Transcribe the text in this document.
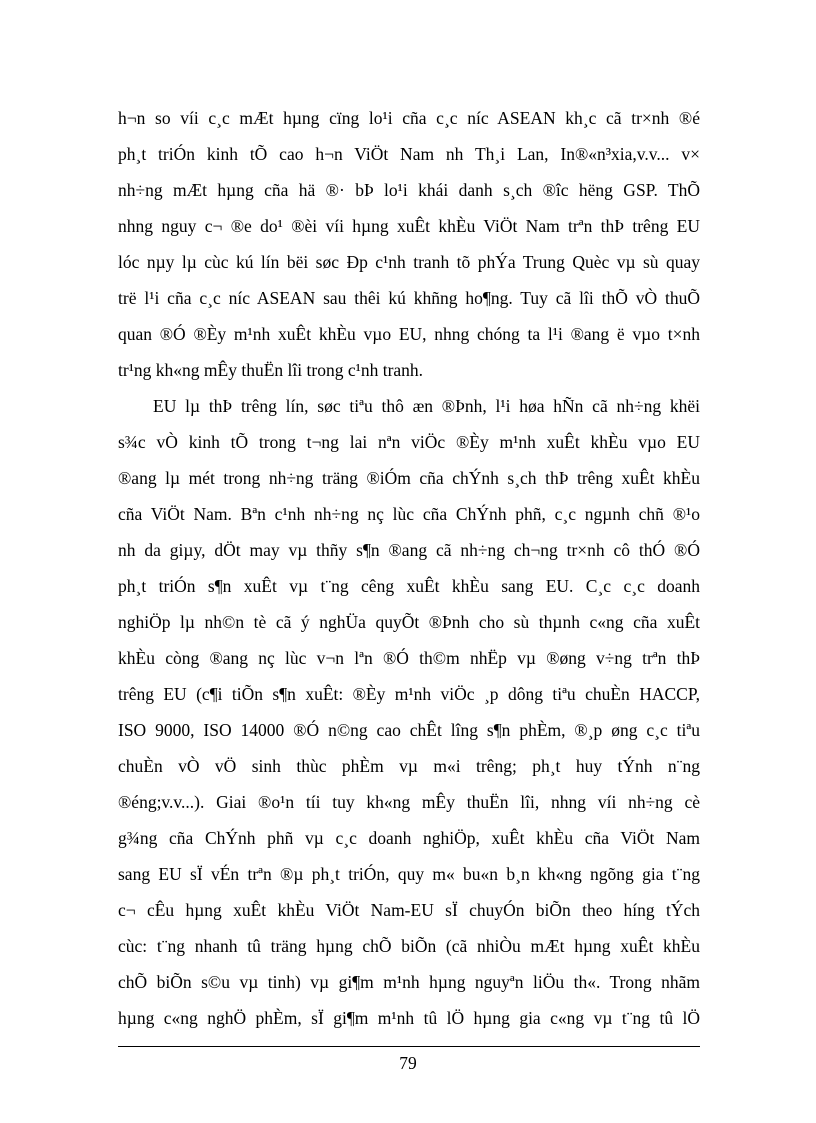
h¬n so víi c¸c mÆt hµng cïng lo¹i cña c¸c níc ASEAN kh¸c cã tr×nh ®é
ph¸t triÓn kinh tÕ cao h¬n ViÖt Nam nh Th¸i Lan, In®«n³xia,v.v... v×
nh÷ng mÆt hµng cña hä ®· bÞ lo¹i khái danh s¸ch ®îc hëng GSP. ThÕ
nhng nguy c¬ ®e do¹ ®èi víi hµng xuÊt khÈu ViÖt Nam trªn thÞ trêng EU
lóc nµy lµ cùc kú lín bëi søc Ðp c¹nh tranh tõ phÝa Trung Quèc vµ sù quay
trë l¹i cña c¸c níc ASEAN sau thêi kú khñng ho¶ng. Tuy cã lîi thÕ vÒ thuÕ
quan ®Ó ®Èy m¹nh xuÊt khÈu vµo EU, nhng chóng ta l¹i ®ang ë vµo t×nh
tr¹ng kh«ng mÊy thuËn lîi trong c¹nh tranh.
EU lµ thÞ trêng lín, søc tiªu thô æn ®Þnh, l¹i høa hÑn cã nh÷ng khëi
s¾c vÒ kinh tÕ trong t¬ng lai nªn viÖc ®Èy m¹nh xuÊt khÈu vµo EU
®ang lµ mét trong nh÷ng träng ®iÓm cña chÝnh s¸ch thÞ trêng xuÊt khÈu
cña ViÖt Nam. Bªn c¹nh nh÷ng nç lùc cña ChÝnh phñ, c¸c ngµnh chñ ®¹o
nh da giµy, dÖt may vµ thñy s¶n ®ang cã nh÷ng ch¬ng tr×nh cô thÓ ®Ó
ph¸t triÓn s¶n xuÊt vµ t¨ng cêng xuÊt khÈu sang EU. C¸c c¸c doanh
nghiÖp lµ nh©n tè cã ý nghÜa quyÕt ®Þnh cho sù thµnh c«ng cña xuÊt
khÈu còng ®ang nç lùc v¬n lªn ®Ó th©m nhËp vµ ®øng v÷ng trªn thÞ
trêng EU (c¶i tiÕn s¶n xuÊt: ®Èy m¹nh viÖc ¸p dông tiªu chuÈn HACCP,
ISO 9000, ISO 14000 ®Ó n©ng cao chÊt lîng s¶n phÈm, ®¸p øng c¸c tiªu
chuÈn vÒ vÖ sinh thùc phÈm vµ m«i trêng; ph¸t huy tÝnh n¨ng
®éng;v.v...). Giai ®o¹n tíi tuy kh«ng mÊy thuËn lîi, nhng víi nh÷ng cè
g¾ng cña ChÝnh phñ vµ c¸c doanh nghiÖp, xuÊt khÈu cña ViÖt Nam
sang EU sÏ vÉn trªn ®µ ph¸t triÓn, quy m« bu«n b¸n kh«ng ngõng gia t¨ng
c¬ cÊu hµng xuÊt khÈu ViÖt Nam-EU sÏ chuyÓn biÕn theo híng tÝch
cùc: t¨ng nhanh tû träng hµng chÕ biÕn (cã nhiÒu mÆt hµng xuÊt khÈu
chÕ biÕn s©u vµ tinh) vµ gi¶m m¹nh hµng nguyªn liÖu th«. Trong nhãm
hµng c«ng nghÖ phÈm, sÏ gi¶m m¹nh tû lÖ hµng gia c«ng vµ t¨ng tû lÖ
79
